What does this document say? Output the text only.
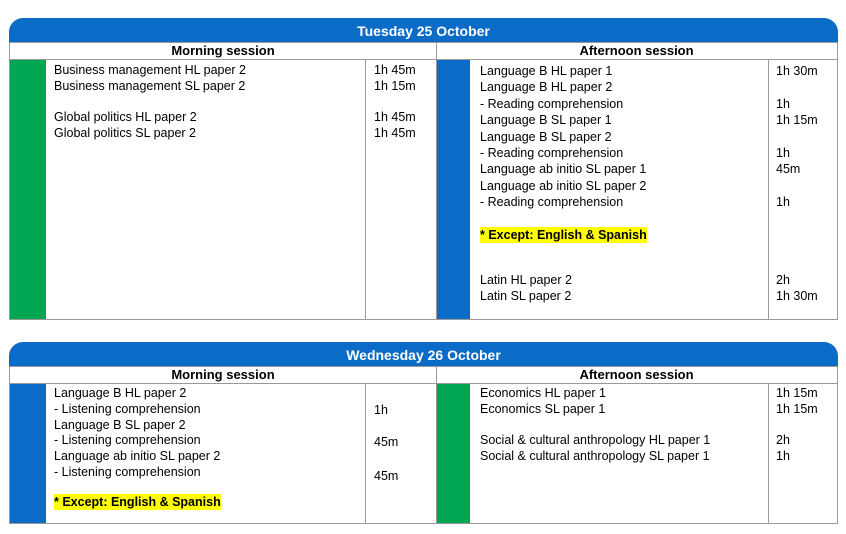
Tuesday 25 October
Morning session	Afternoon session
Business management HL paper 2
Business management SL paper 2
Global politics HL paper 2
Global politics SL paper 2
1h 45m
1h 15m
1h 45m
1h 45m
Language B HL paper 1
Language B HL paper 2
- Reading comprehension
Language B SL paper 1
Language B SL paper 2
- Reading comprehension
Language ab initio SL paper 1
Language ab initio SL paper 2
- Reading comprehension
* Except: English & Spanish
Latin HL paper 2
Latin SL paper 2
1h 30m
1h
1h 15m
1h
45m
1h
2h
1h 30m
Wednesday 26 October
Morning session	Afternoon session
Language B HL paper 2
- Listening comprehension
Language B SL paper 2
- Listening comprehension
Language ab initio SL paper 2
- Listening comprehension
* Except: English & Spanish
1h
45m
45m
Economics HL paper 1
Economics SL paper 1
Social & cultural anthropology HL paper 1
Social & cultural anthropology SL paper 1
1h 15m
1h 15m
2h
1h
